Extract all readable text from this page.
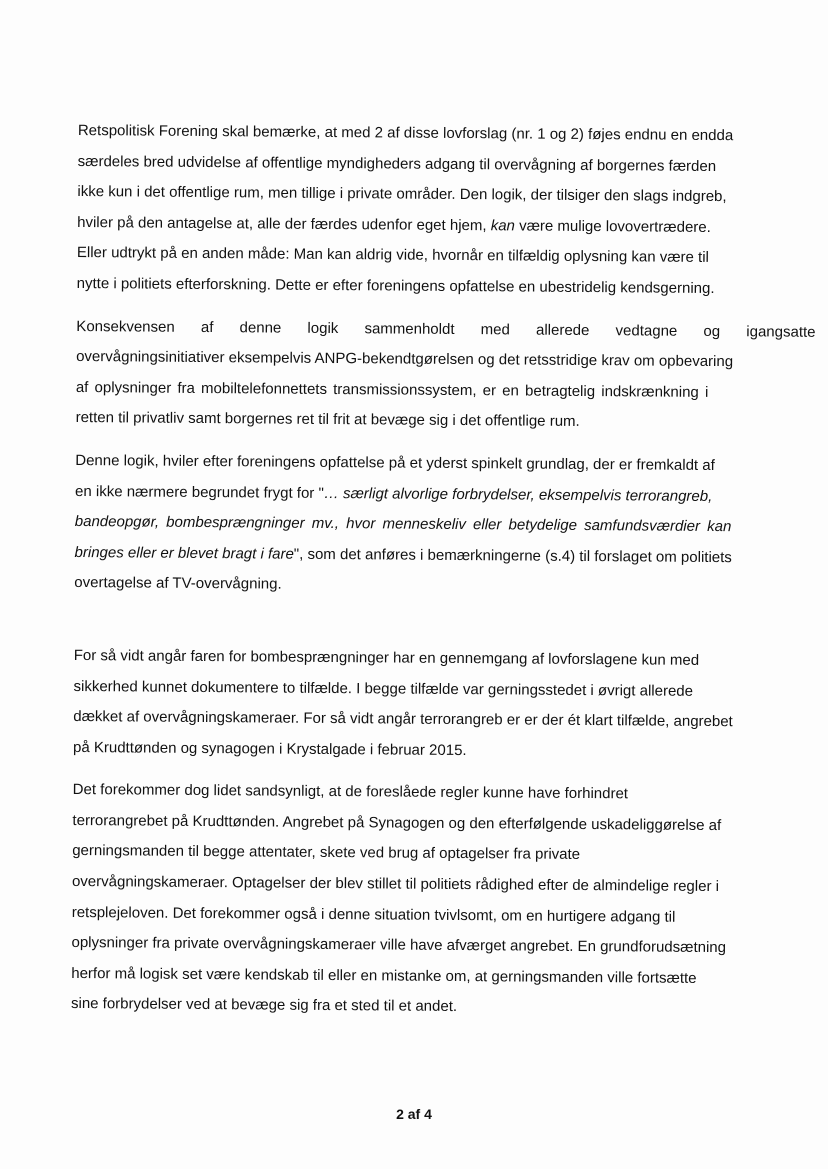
Retspolitisk Forening skal bemærke, at med 2 af disse lovforslag (nr. 1 og 2) føjes endnu en endda
særdeles bred udvidelse af offentlige myndigheders adgang til overvågning af borgernes færden
ikke kun i det offentlige rum, men tillige i private områder. Den logik, der tilsiger den slags indgreb,
hviler på den antagelse at, alle der færdes udenfor eget hjem, kan være mulige lovovertrædere.
Eller udtrykt på en anden måde: Man kan aldrig vide, hvornår en tilfældig oplysning kan være til
nytte i politiets efterforskning. Dette er efter foreningens opfattelse en ubestridelig kendsgerning.

Konsekvensen af denne logik sammenholdt med allerede vedtagne og igangsatte
overvågningsinitiativer eksempelvis ANPG-bekendtgørelsen og det retsstridige krav om opbevaring
af oplysninger fra mobiltelefonnettets transmissionssystem, er en betragtelig indskrænkning i
retten til privatliv samt borgernes ret til frit at bevæge sig i det offentlige rum.

Denne logik, hviler efter foreningens opfattelse på et yderst spinkelt grundlag, der er fremkaldt af
en ikke nærmere begrundet frygt for "… særligt alvorlige forbrydelser, eksempelvis terrorangreb,
bandeopgør, bombesprængninger mv., hvor menneskeliv eller betydelige samfundsværdier kan
bringes eller er blevet bragt i fare", som det anføres i bemærkningerne (s.4) til forslaget om politiets
overtagelse af TV-overvågning.

For så vidt angår faren for bombesprængninger har en gennemgang af lovforslagene kun med
sikkerhed kunnet dokumentere to tilfælde. I begge tilfælde var gerningsstedet i øvrigt allerede
dækket af overvågningskameraer. For så vidt angår terrorangreb er er der ét klart tilfælde, angrebet
på Krudttønden og synagogen i Krystalgade i februar 2015.

Det forekommer dog lidet sandsynligt, at de foreslåede regler kunne have forhindret
terrorangrebet på Krudttønden. Angrebet på Synagogen og den efterfølgende uskadeliggørelse af
gerningsmanden til begge attentater, skete ved brug af optagelser fra private
overvågningskameraer. Optagelser der blev stillet til politiets rådighed efter de almindelige regler i
retsplejeloven. Det forekommer også i denne situation tvivlsomt, om en hurtigere adgang til
oplysninger fra private overvågningskameraer ville have afværget angrebet. En grundforudsætning
herfor må logisk set være kendskab til eller en mistanke om, at gerningsmanden ville fortsætte
sine forbrydelser ved at bevæge sig fra et sted til et andet.

2 af 4
